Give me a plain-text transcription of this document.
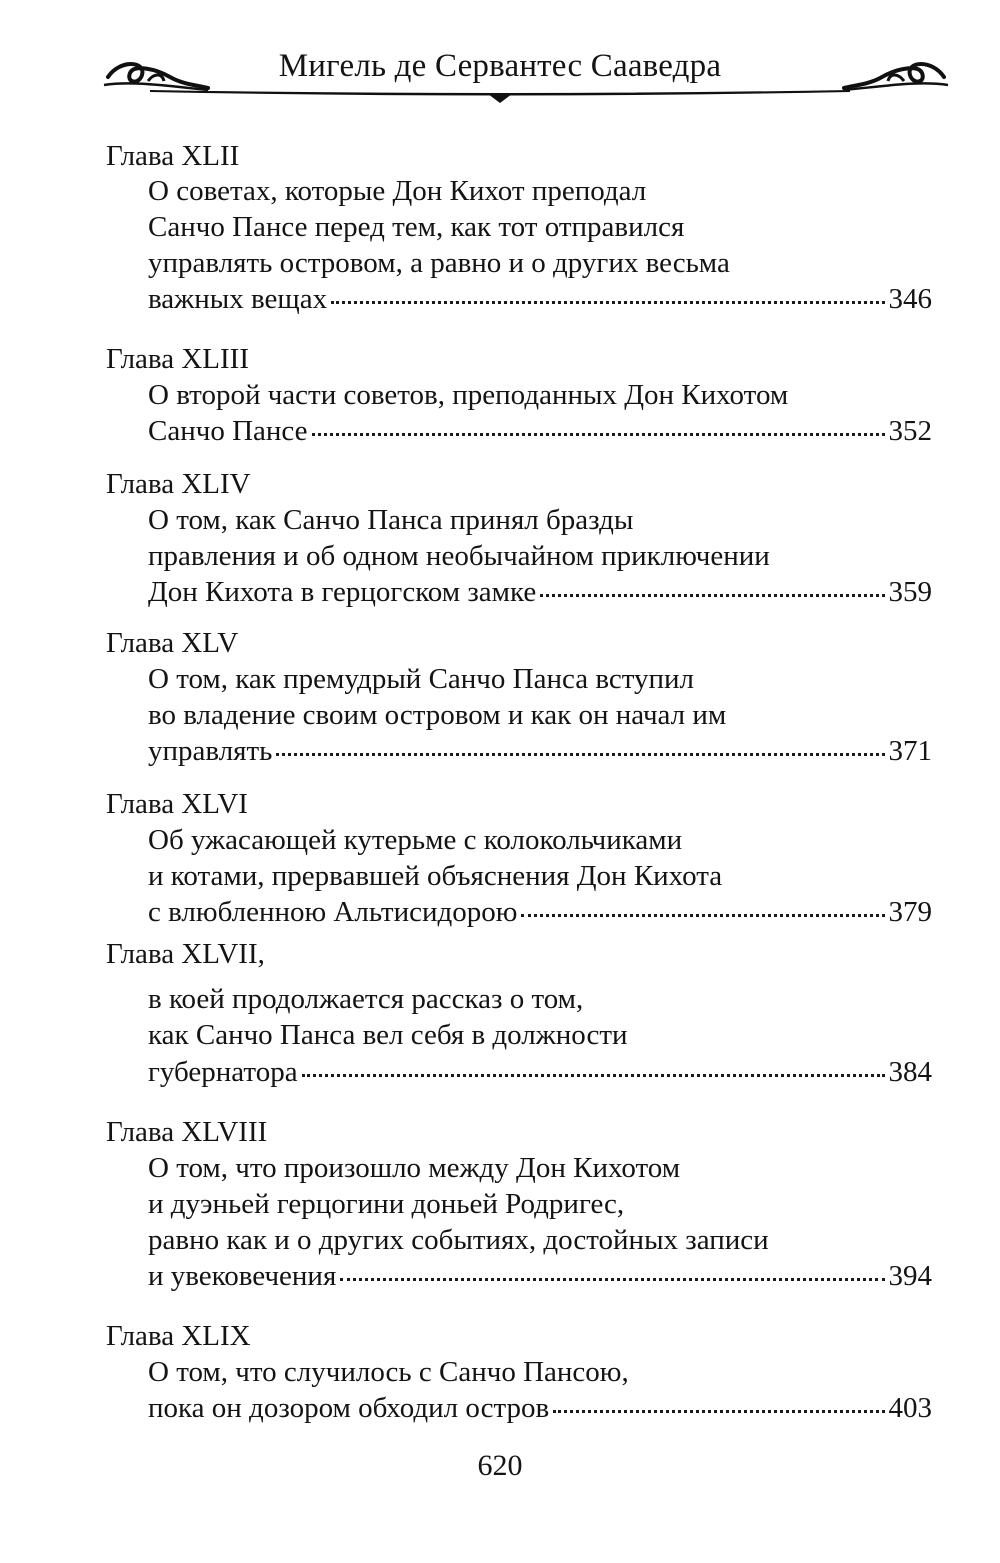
Мигель де Сервантес Сааведра
Глава XLII
О советах, которые Дон Кихот преподал
Санчо Пансе перед тем, как тот отправился
управлять островом, а равно и о других весьма
важных вещах	346
Глава XLIII
О второй части советов, преподанных Дон Кихотом
Санчо Пансе	352
Глава XLIV
О том, как Санчо Панса принял бразды
правления и об одном необычайном приключении
Дон Кихота в герцогском замке	359
Глава XLV
О том, как премудрый Санчо Панса вступил
во владение своим островом и как он начал им
управлять	371
Глава XLVI
Об ужасающей кутерьме с колокольчиками
и котами, прервавшей объяснения Дон Кихота
с влюбленною Альтисидорою	379
Глава XLVII,
в коей продолжается рассказ о том,
как Санчо Панса вел себя в должности
губернатора	384
Глава XLVIII
О том, что произошло между Дон Кихотом
и дуэньей герцогини доньей Родригес,
равно как и о других событиях, достойных записи
и увековечения	394
Глава XLIX
О том, что случилось с Санчо Пансою,
пока он дозором обходил остров	403
620
